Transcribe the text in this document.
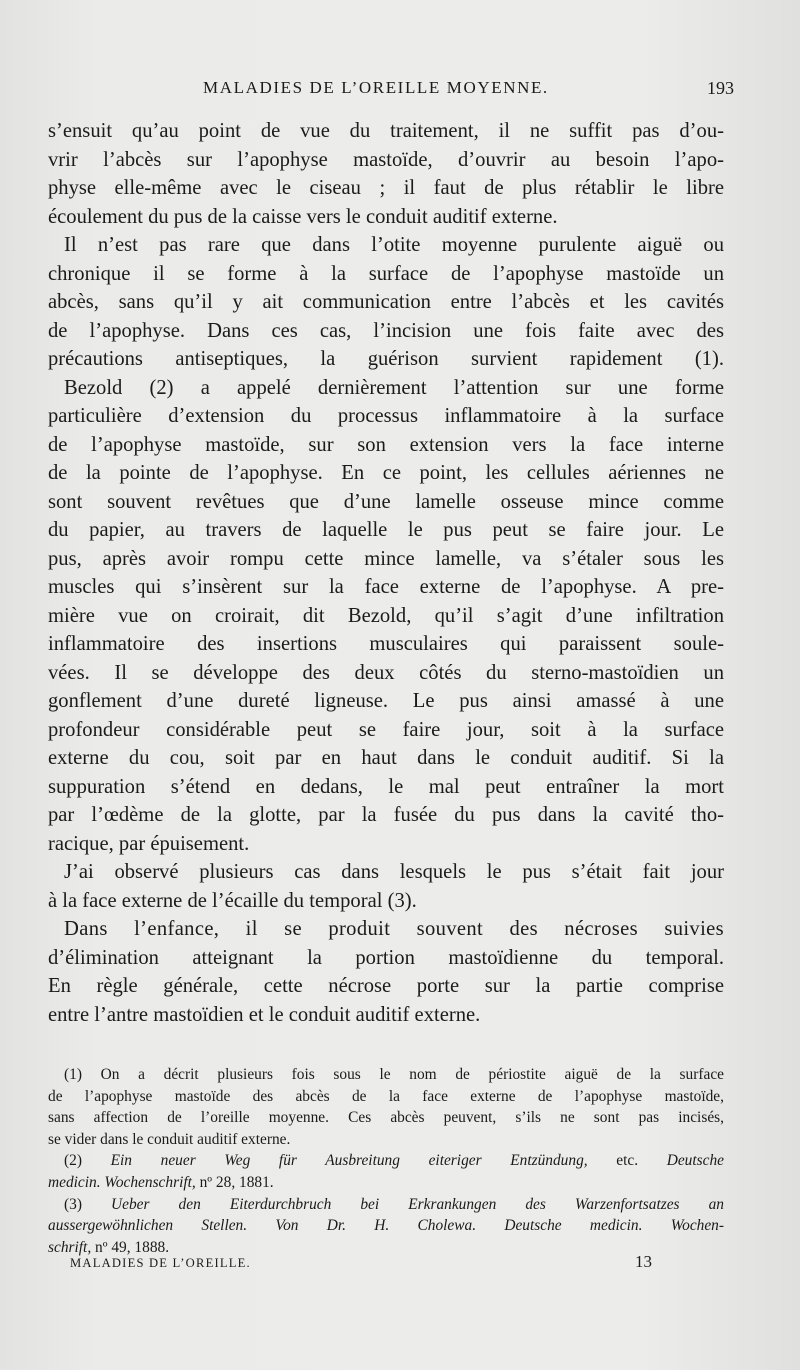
MALADIES DE L’OREILLE MOYENNE.	193
s’ensuit qu’au point de vue du traitement, il ne suffit pas d’ou-
vrir l’abcès sur l’apophyse mastoïde, d’ouvrir au besoin l’apo-
physe elle-même avec le ciseau ; il faut de plus rétablir le libre
écoulement du pus de la caisse vers le conduit auditif externe.
Il n’est pas rare que dans l’otite moyenne purulente aiguë ou
chronique il se forme à la surface de l’apophyse mastoïde un
abcès, sans qu’il y ait communication entre l’abcès et les cavités
de l’apophyse. Dans ces cas, l’incision une fois faite avec des
précautions antiseptiques, la guérison survient rapidement (1).
Bezold (2) a appelé dernièrement l’attention sur une forme
particulière d’extension du processus inflammatoire à la surface
de l’apophyse mastoïde, sur son extension vers la face interne
de la pointe de l’apophyse. En ce point, les cellules aériennes ne
sont souvent revêtues que d’une lamelle osseuse mince comme
du papier, au travers de laquelle le pus peut se faire jour. Le
pus, après avoir rompu cette mince lamelle, va s’étaler sous les
muscles qui s’insèrent sur la face externe de l’apophyse. A pre-
mière vue on croirait, dit Bezold, qu’il s’agit d’une infiltration
inflammatoire des insertions musculaires qui paraissent soule-
vées. Il se développe des deux côtés du sterno-mastoïdien un
gonflement d’une dureté ligneuse. Le pus ainsi amassé à une
profondeur considérable peut se faire jour, soit à la surface
externe du cou, soit par en haut dans le conduit auditif. Si la
suppuration s’étend en dedans, le mal peut entraîner la mort
par l’œdème de la glotte, par la fusée du pus dans la cavité tho-
racique, par épuisement.
J’ai observé plusieurs cas dans lesquels le pus s’était fait jour
à la face externe de l’écaille du temporal (3).
Dans l’enfance, il se produit souvent des nécroses suivies
d’élimination atteignant la portion mastoïdienne du temporal.
En règle générale, cette nécrose porte sur la partie comprise
entre l’antre mastoïdien et le conduit auditif externe.
(1) On a décrit plusieurs fois sous le nom de périostite aiguë de la surface
de l’apophyse mastoïde des abcès de la face externe de l’apophyse mastoïde,
sans affection de l’oreille moyenne. Ces abcès peuvent, s’ils ne sont pas incisés,
se vider dans le conduit auditif externe.
(2) Ein neuer Weg für Ausbreitung eiteriger Entzündung, etc. Deutsche
medicin. Wochenschrift, nº 28, 1881.
(3) Ueber den Eiterdurchbruch bei Erkrankungen des Warzenfortsatzes an
aussergewöhnlichen Stellen. Von Dr. H. Cholewa. Deutsche medicin. Wochen-
schrift, nº 49, 1888.
MALADIES DE L’OREILLE.	13
